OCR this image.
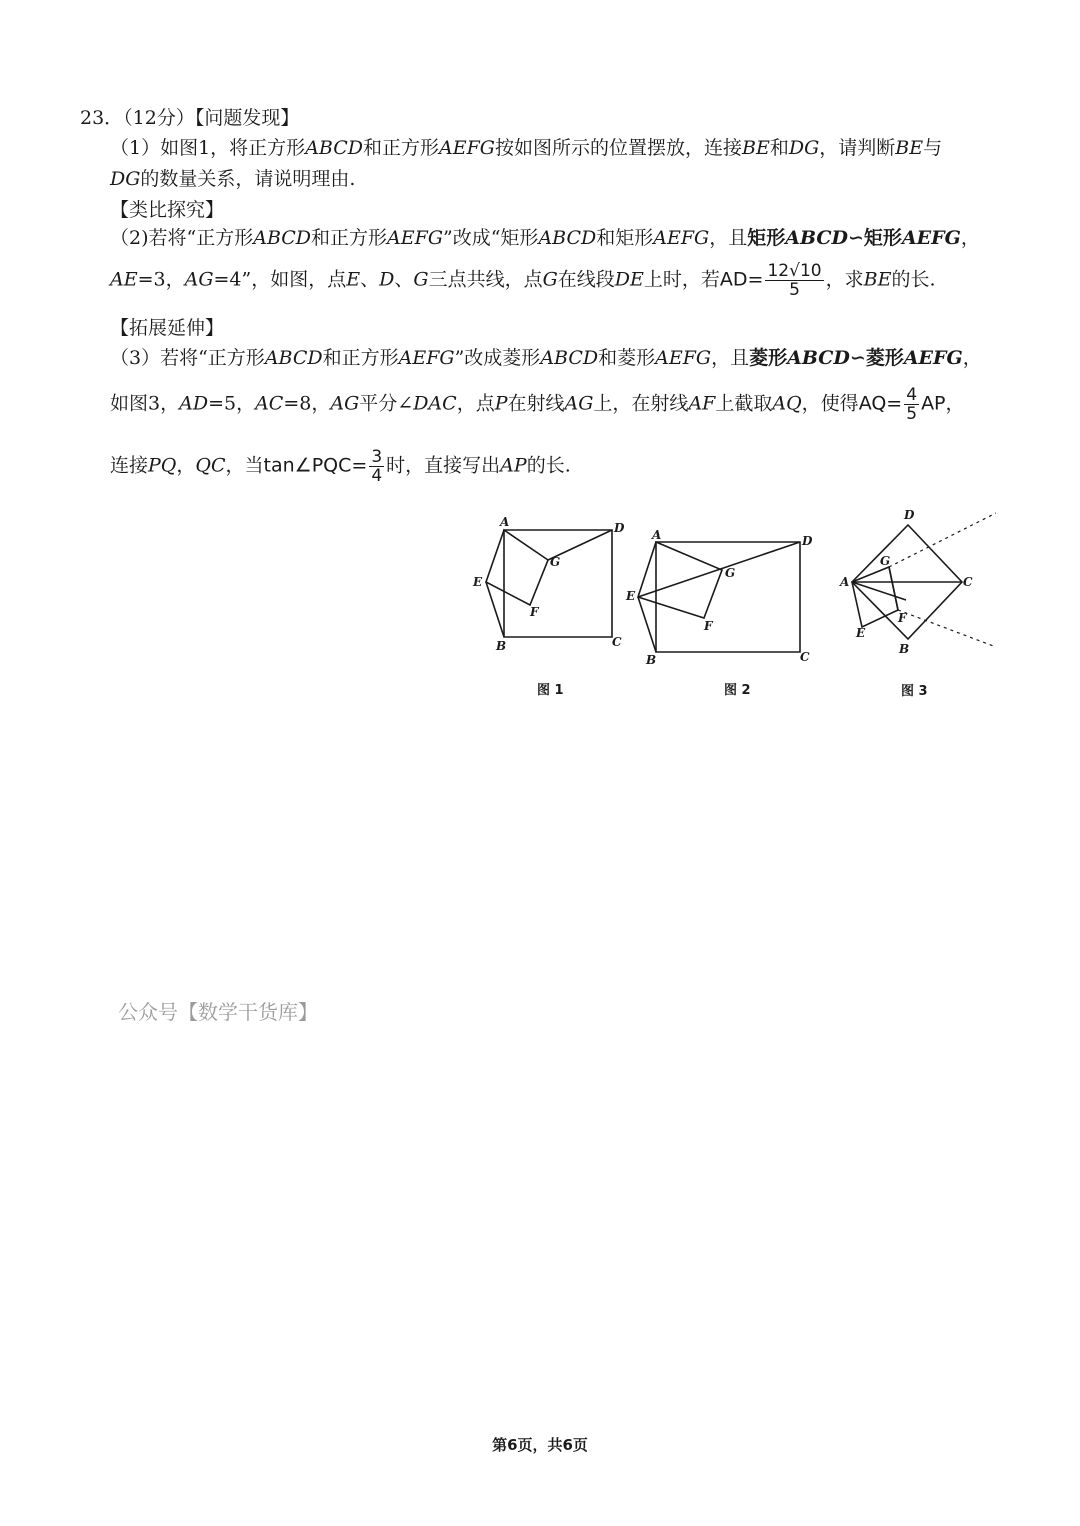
23．（12分）【问题发现】
（1）如图1，将正方形ABCD和正方形AEFG按如图所示的位置摆放，连接BE和DG，请判断BE与
DG的数量关系，请说明理由.
【类比探究】
（2)若将“正方形ABCD和正方形AEFG”改成“矩形ABCD和矩形AEFG，且矩形ABCD∽矩形AEFG，
AE=3，AG=4”，如图，点E、D、G三点共线，点G在线段DE上时，若$AD= \frac{12√10}{5}$ ，求BE的长.
【拓展延伸】
（3）若将“正方形ABCD和正方形AEFG”改成菱形ABCD和菱形AEFG，且菱形ABCD∽菱形AEFG，
如图3，AD=5，AC=8，AG平分∠DAC，点P在射线AG上，在射线AF上截取AQ，使得$AQ= \frac{4}{5}$ AP，
连接PQ，QC，当tan∠PQC= $\frac{3}{4}$ 时，直接写出AP的长.
A	D
G
E
F
B	C
图 1
A	D
G
E
F
B	C
图 2
D
G
A	C
F
E
B
图 3
公众号【数学干货库】
第6页，共6页
